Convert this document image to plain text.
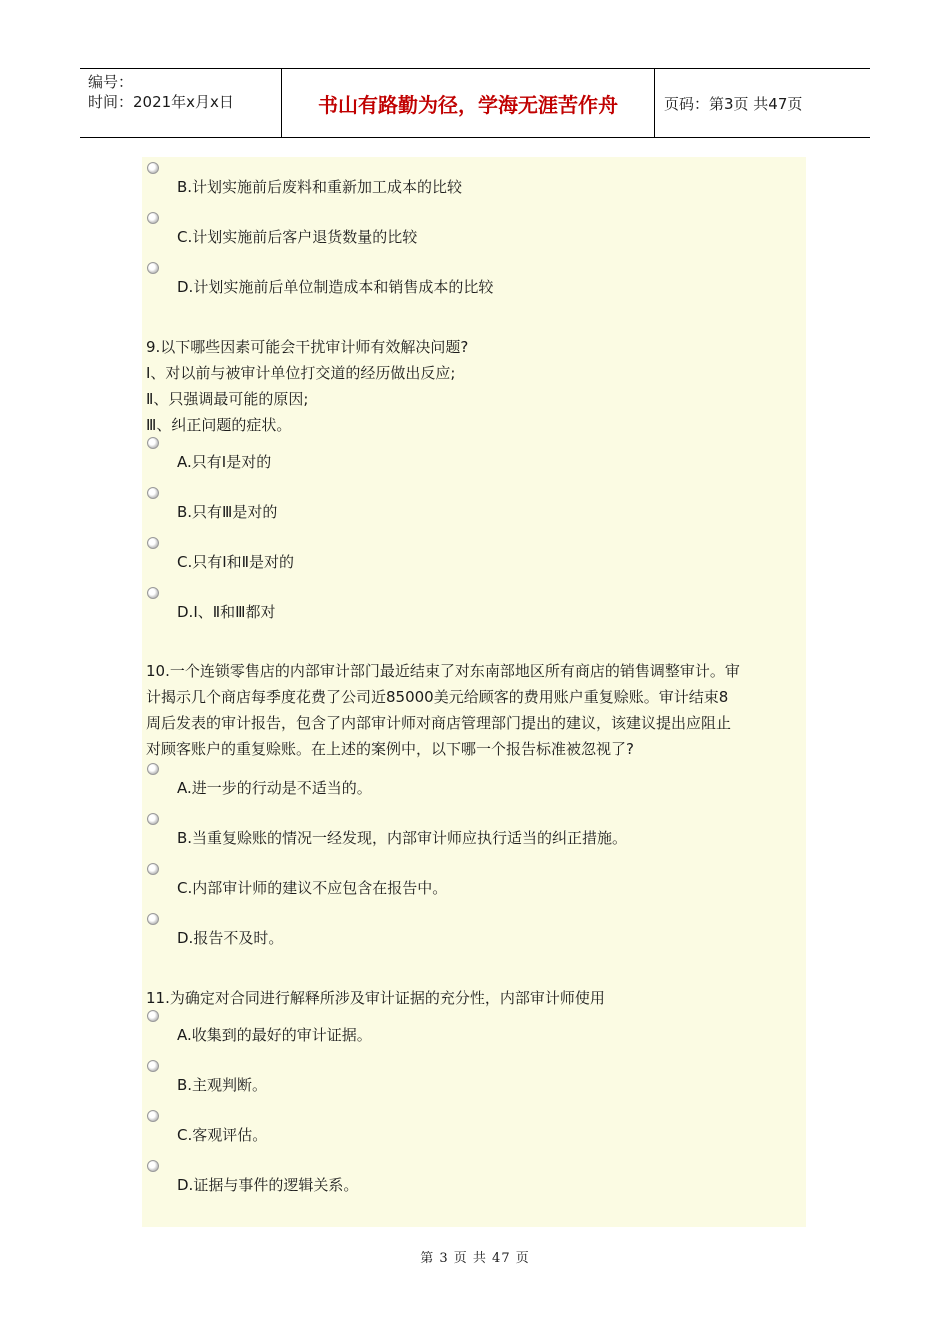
编号：
时间：2021年x月x日	书山有路勤为径，学海无涯苦作舟	页码：第3页 共47页
B.计划实施前后废料和重新加工成本的比较
C.计划实施前后客户退货数量的比较
D.计划实施前后单位制造成本和销售成本的比较
9.以下哪些因素可能会干扰审计师有效解决问题?
Ⅰ、对以前与被审计单位打交道的经历做出反应;
Ⅱ、只强调最可能的原因;
Ⅲ、纠正问题的症状。
A.只有Ⅰ是对的
B.只有Ⅲ是对的
C.只有Ⅰ和Ⅱ是对的
D.Ⅰ、Ⅱ和Ⅲ都对
10.一个连锁零售店的内部审计部门最近结束了对东南部地区所有商店的销售调整审计。审
计揭示几个商店每季度花费了公司近85000美元给顾客的费用账户重复赊账。审计结束8
周后发表的审计报告，包含了内部审计师对商店管理部门提出的建议，该建议提出应阻止
对顾客账户的重复赊账。在上述的案例中，以下哪一个报告标准被忽视了?
A.进一步的行动是不适当的。
B.当重复赊账的情况一经发现，内部审计师应执行适当的纠正措施。
C.内部审计师的建议不应包含在报告中。
D.报告不及时。
11.为确定对合同进行解释所涉及审计证据的充分性，内部审计师使用
A.收集到的最好的审计证据。
B.主观判断。
C.客观评估。
D.证据与事件的逻辑关系。
第 3 页 共 47 页
